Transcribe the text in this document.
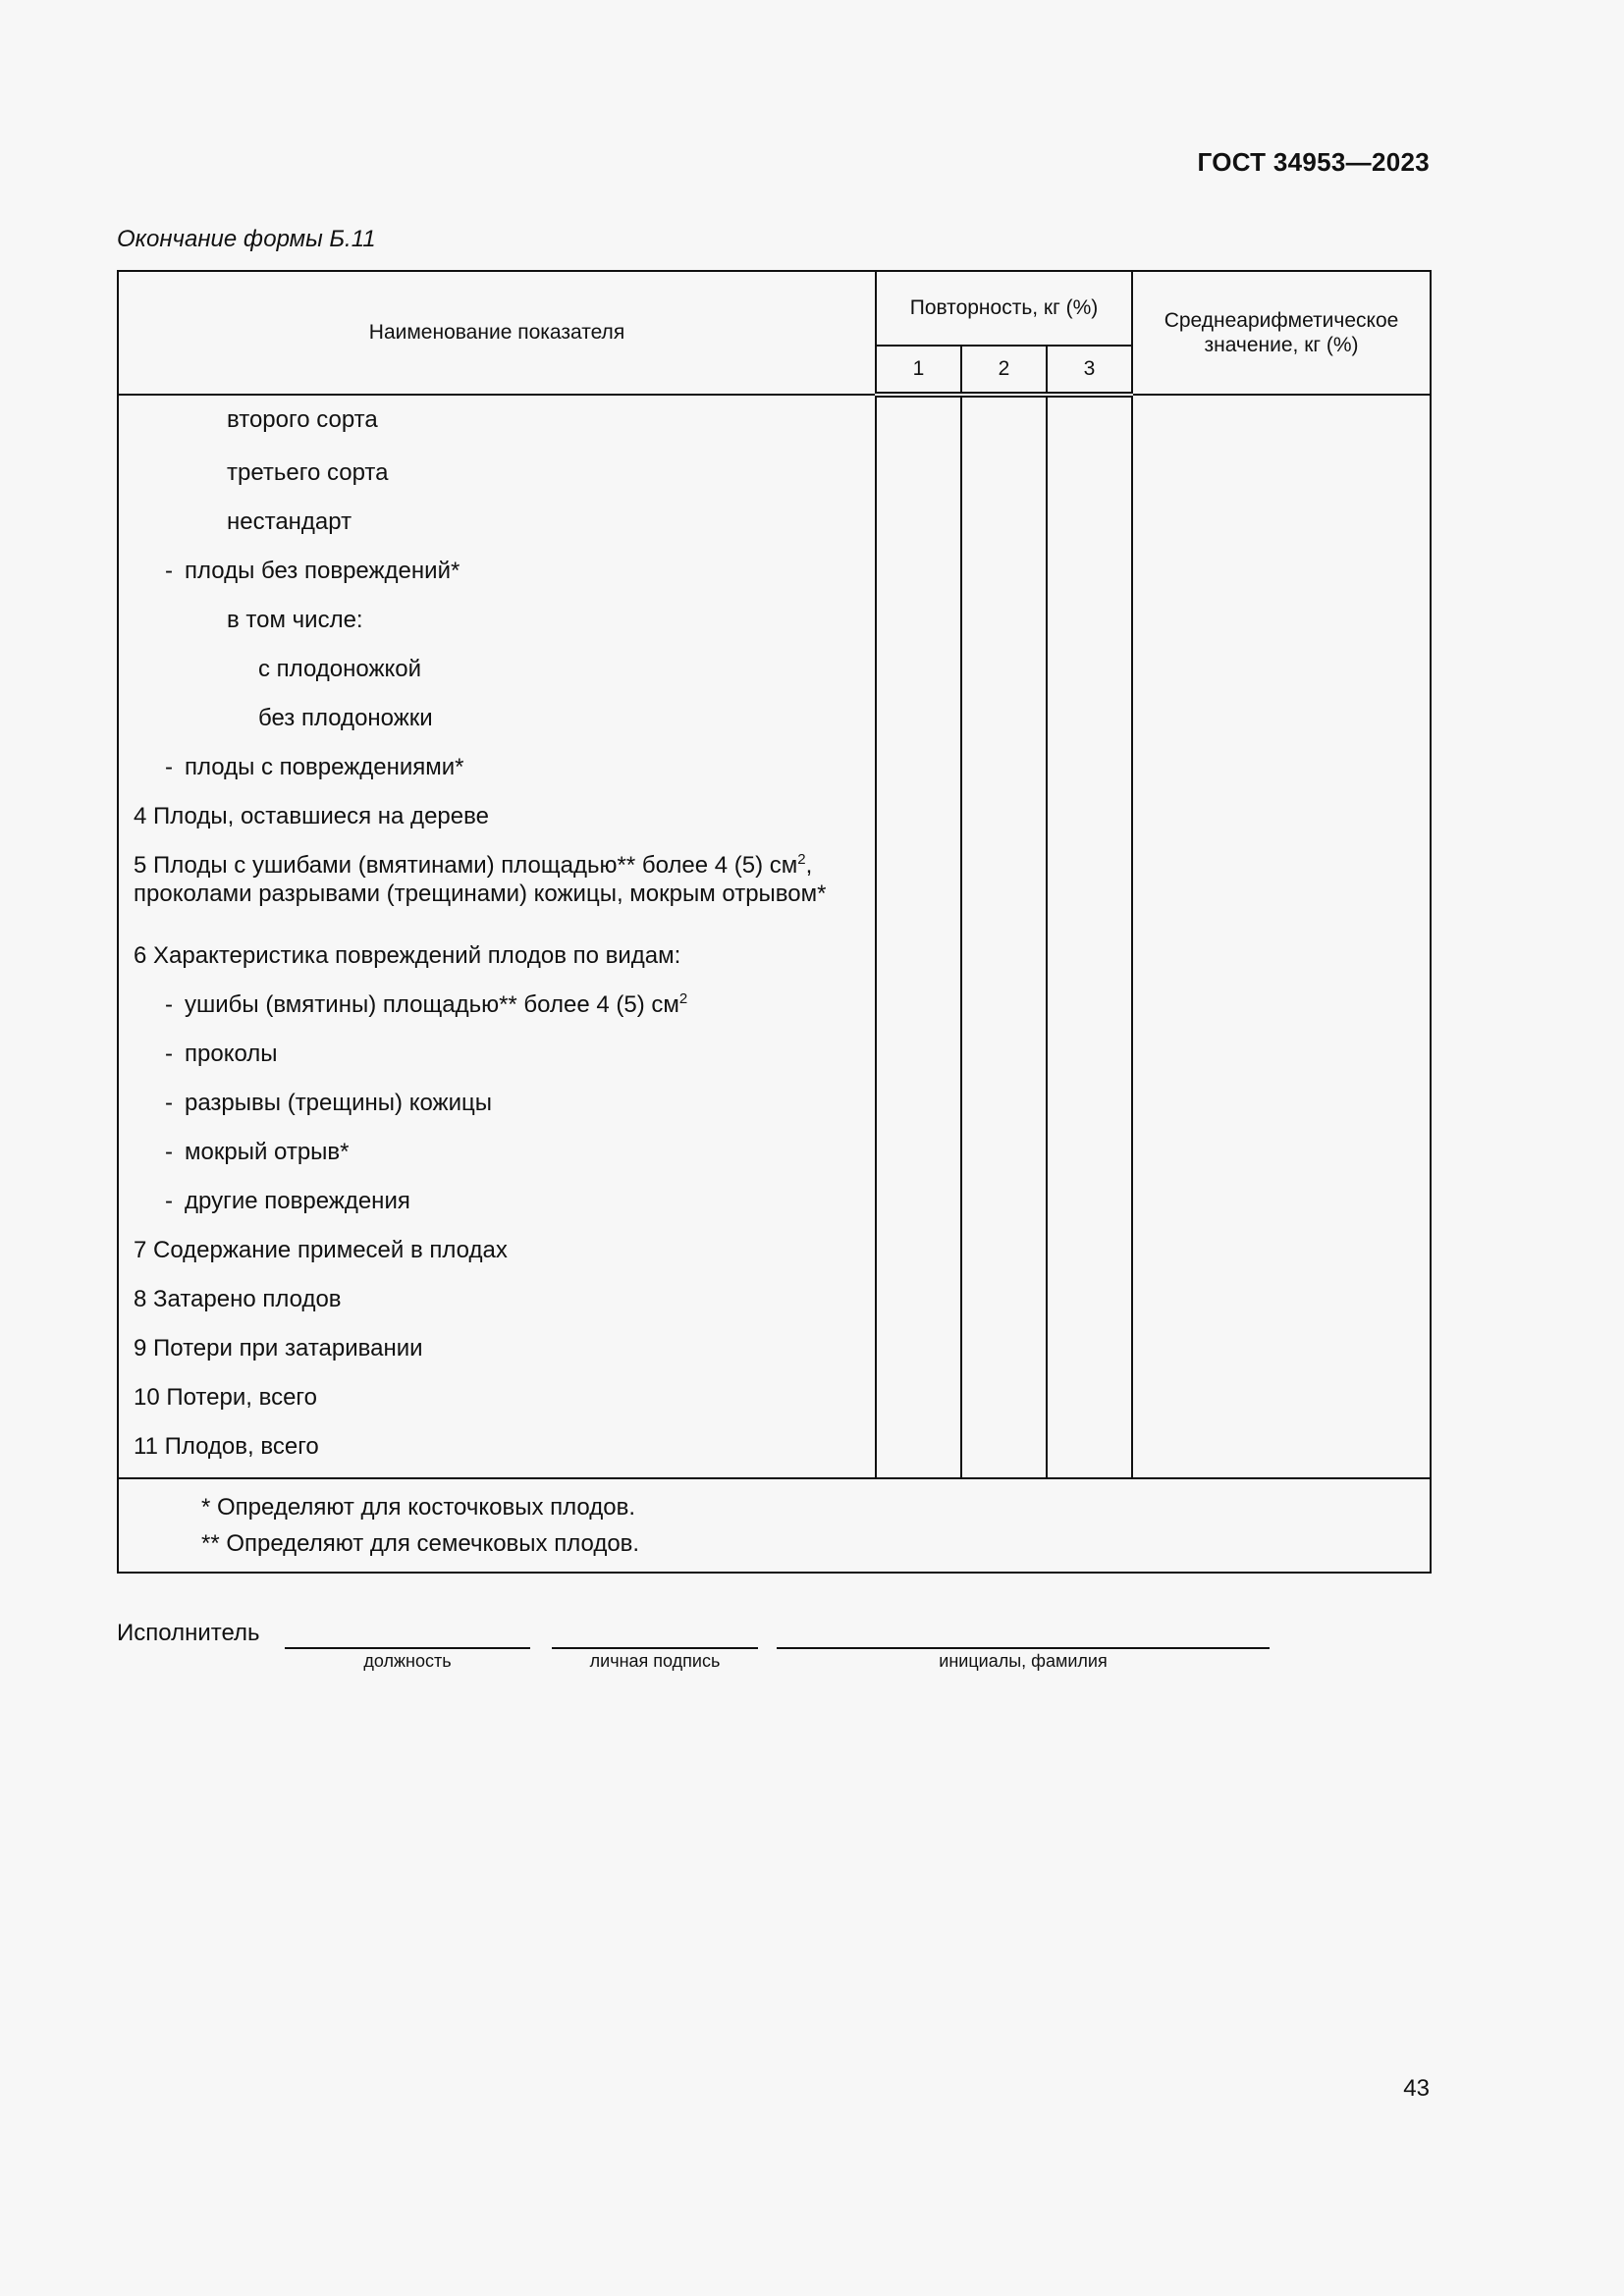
ГОСТ 34953—2023
Окончание формы Б.11
Наименование показателя	Повторность, кг (%)			Среднеарифметическое значение, кг (%)

	1	2	3	

второго сорта				

третьего сорта				

нестандарт				

- плоды без повреждений*				

в том числе:				

с плодоножкой				

без плодоножки				

- плоды с повреждениями*				

4 Плоды, оставшиеся на дереве				

5 Плоды с ушибами (вмятинами) площадью** более 4 (5) $см^2$,
проколами разрывами (трещинами) кожицы, мокрым отрывом*				

6 Характеристика повреждений плодов по видам:				

- ушибы (вмятины) площадью** более 4 (5) $см^2$

- проколы				

- разрывы (трещины) кожицы				

- мокрый отрыв*				

- другие повреждения				

7 Содержание примесей в плодах				

8 Затарено плодов				

9 Потери при затаривании				

10 Потери, всего				

11 Плодов, всего				

* Определяют для косточковых плодов.
** Определяют для семечковых плодов.				
Исполнитель
должность	личная подпись	инициалы, фамилия
43
